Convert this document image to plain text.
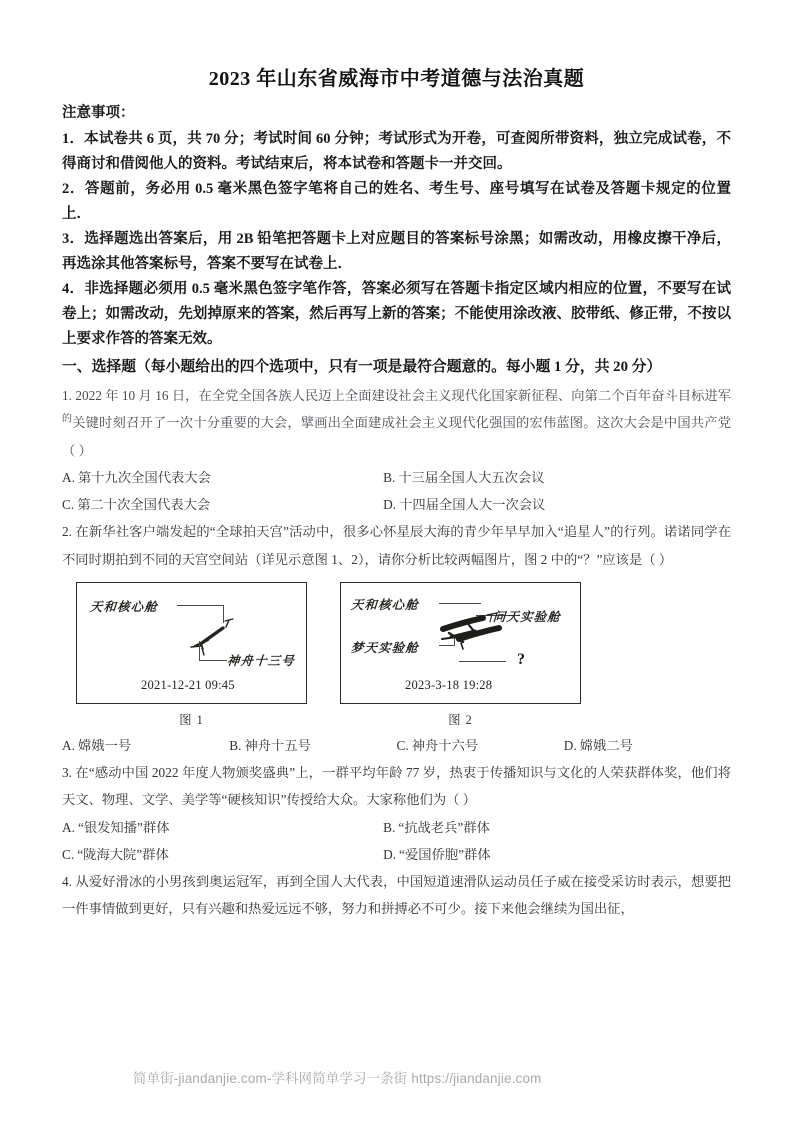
2023 年山东省威海市中考道德与法治真题

注意事项：

1．本试卷共 6 页，共 70 分；考试时间 60 分钟；考试形式为开卷，可查阅所带资料，独立完成试卷，不得商讨和借阅他人的资料。考试结束后，将本试卷和答题卡一并交回。

2．答题前，务必用 0.5 毫米黑色签字笔将自己的姓名、考生号、座号填写在试卷及答题卡规定的位置上．

3．选择题选出答案后，用 2B 铅笔把答题卡上对应题目的答案标号涂黑；如需改动，用橡皮擦干净后，再选涂其他答案标号，答案不要写在试卷上．

4．非选择题必须用 0.5 毫米黑色签字笔作答，答案必须写在答题卡指定区域内相应的位置，不要写在试卷上；如需改动，先划掉原来的答案，然后再写上新的答案；不能使用涂改液、胶带纸、修正带，不按以上要求作答的答案无效。

一、选择题（每小题给出的四个选项中，只有一项是最符合题意的。每小题 1 分，共 20 分）

1. 2022 年 10 月 16 日，在全党全国各族人民迈上全面建设社会主义现代化国家新征程、向第二个百年奋斗目标进军$^的$关键时刻召开了一次十分重要的大会，擘画出全面建成社会主义现代化强国的宏伟蓝图。这次大会是中国共产党（ ）

A. 第十九次全国代表大会	B. 十三届全国人大五次会议
C. 第二十次全国代表大会	D. 十四届全国人大一次会议

2. 在新华社客户端发起的“全球拍天宫”活动中，很多心怀星辰大海的青少年早早加入“追星人”的行列。诺诺同学在不同时期拍到不同的天宫空间站（详见示意图 1、2），请你分析比较两幅图片，图 2 中的“？”应该是（ ）

天和核心舱
神舟十三号
2021-12-21 09:45
图 1
天和核心舱
问天实验舱
梦天实验舱
?
2023-3-18 19:28
图 2
A. 嫦娥一号	B. 神舟十五号	C. 神舟十六号	D. 嫦娥二号

3. 在“感动中国 2022 年度人物颁奖盛典”上，一群平均年龄 77 岁，热衷于传播知识与文化的人荣获群体奖，他们将天文、物理、文学、美学等“硬核知识”传授给大众。大家称他们为（ ）

A. “银发知播”群体	B. “抗战老兵”群体
C. “陇海大院”群体	D. “爱国侨胞”群体

4. 从爱好滑冰的小男孩到奥运冠军，再到全国人大代表，中国短道速滑队运动员任子威在接受采访时表示，想要把一件事情做到更好，只有兴趣和热爱远远不够，努力和拼搏必不可少。接下来他会继续为国出征，

简单街-jiandanjie.com-学科网简单学习一条街 https://jiandanjie.com
